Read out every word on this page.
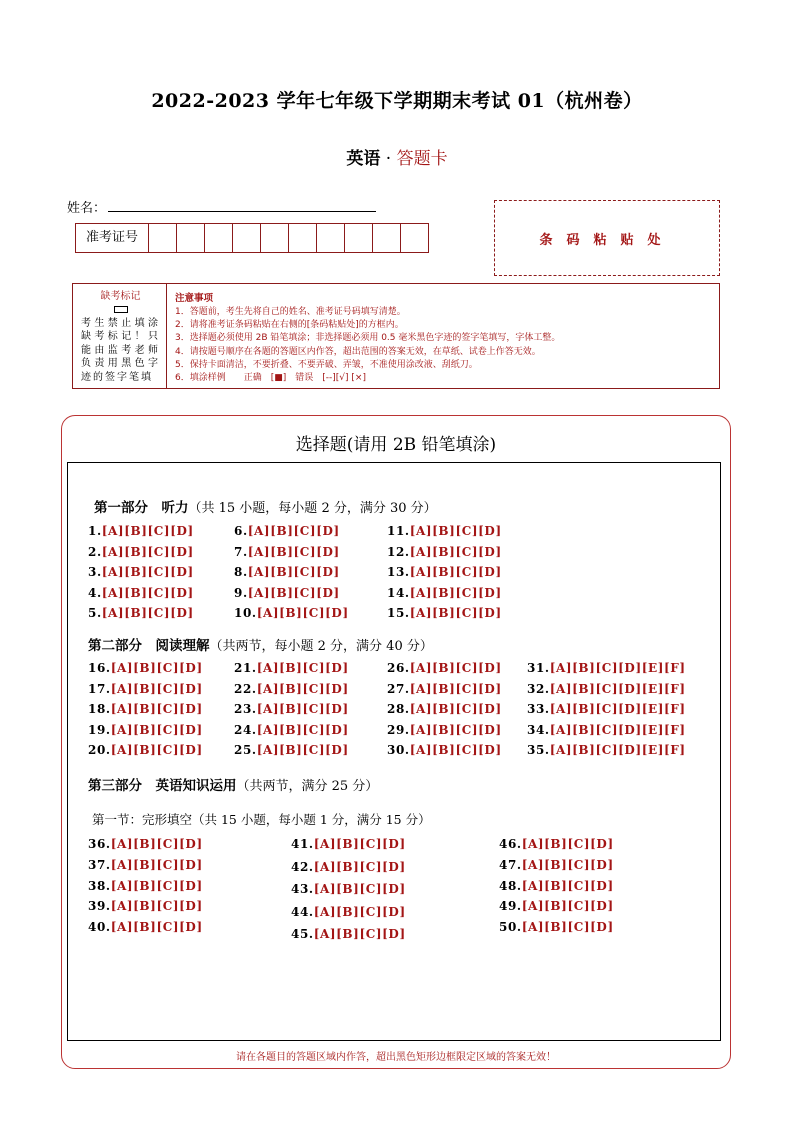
2022-2023 学年七年级下学期期末考试 01（杭州卷）
英语 · 答题卡
姓名：
准考证号	条码粘贴处
缺考标记
考生禁止填涂缺考标记！只能由监考老师负责用黑色字迹的签字笔填
注意事项
1．答题前，考生先将自己的姓名、准考证号码填写清楚。
2．请将准考证条码粘贴在右侧的[条码粘贴处]的方框内。
3．选择题必须使用 2B 铅笔填涂；非选择题必须用 0.5 毫米黑色字迹的签字笔填写，字体工整。
4．请按题号顺序在各题的答题区内作答，超出范围的答案无效，在草纸、试卷上作答无效。
5．保持卡面清洁，不要折叠、不要弄破、弄皱，不准使用涂改液、刮纸刀。
6．填涂样例　　正确　[■]　错误　[--][√] [×]
选择题(请用 2B 铅笔填涂)
第一部分　听力（共 15 小题，每小题 2 分，满分 30 分）
第二部分　阅读理解（共两节，每小题 2 分，满分 40 分）
第三部分　英语知识运用（共两节，满分 25 分）
第一节：完形填空（共 15 小题，每小题 1 分，满分 15 分）
1.[A][B][C][D]
2.[A][B][C][D]
3.[A][B][C][D]
4.[A][B][C][D]
5.[A][B][C][D]
6.[A][B][C][D]
7.[A][B][C][D]
8.[A][B][C][D]
9.[A][B][C][D]
10.[A][B][C][D]
11.[A][B][C][D]
12.[A][B][C][D]
13.[A][B][C][D]
14.[A][B][C][D]
15.[A][B][C][D]
16.[A][B][C][D]
17.[A][B][C][D]
18.[A][B][C][D]
19.[A][B][C][D]
20.[A][B][C][D]
21.[A][B][C][D]
22.[A][B][C][D]
23.[A][B][C][D]
24.[A][B][C][D]
25.[A][B][C][D]
26.[A][B][C][D]
27.[A][B][C][D]
28.[A][B][C][D]
29.[A][B][C][D]
30.[A][B][C][D]
31.[A][B][C][D][E][F]
32.[A][B][C][D][E][F]
33.[A][B][C][D][E][F]
34.[A][B][C][D][E][F]
35.[A][B][C][D][E][F]
36.[A][B][C][D]
37.[A][B][C][D]
38.[A][B][C][D]
39.[A][B][C][D]
40.[A][B][C][D]
41.[A][B][C][D]
42.[A][B][C][D]
43.[A][B][C][D]
44.[A][B][C][D]
45.[A][B][C][D]
46.[A][B][C][D]
47.[A][B][C][D]
48.[A][B][C][D]
49.[A][B][C][D]
50.[A][B][C][D]
请在各题目的答题区域内作答，超出黑色矩形边框限定区域的答案无效！
